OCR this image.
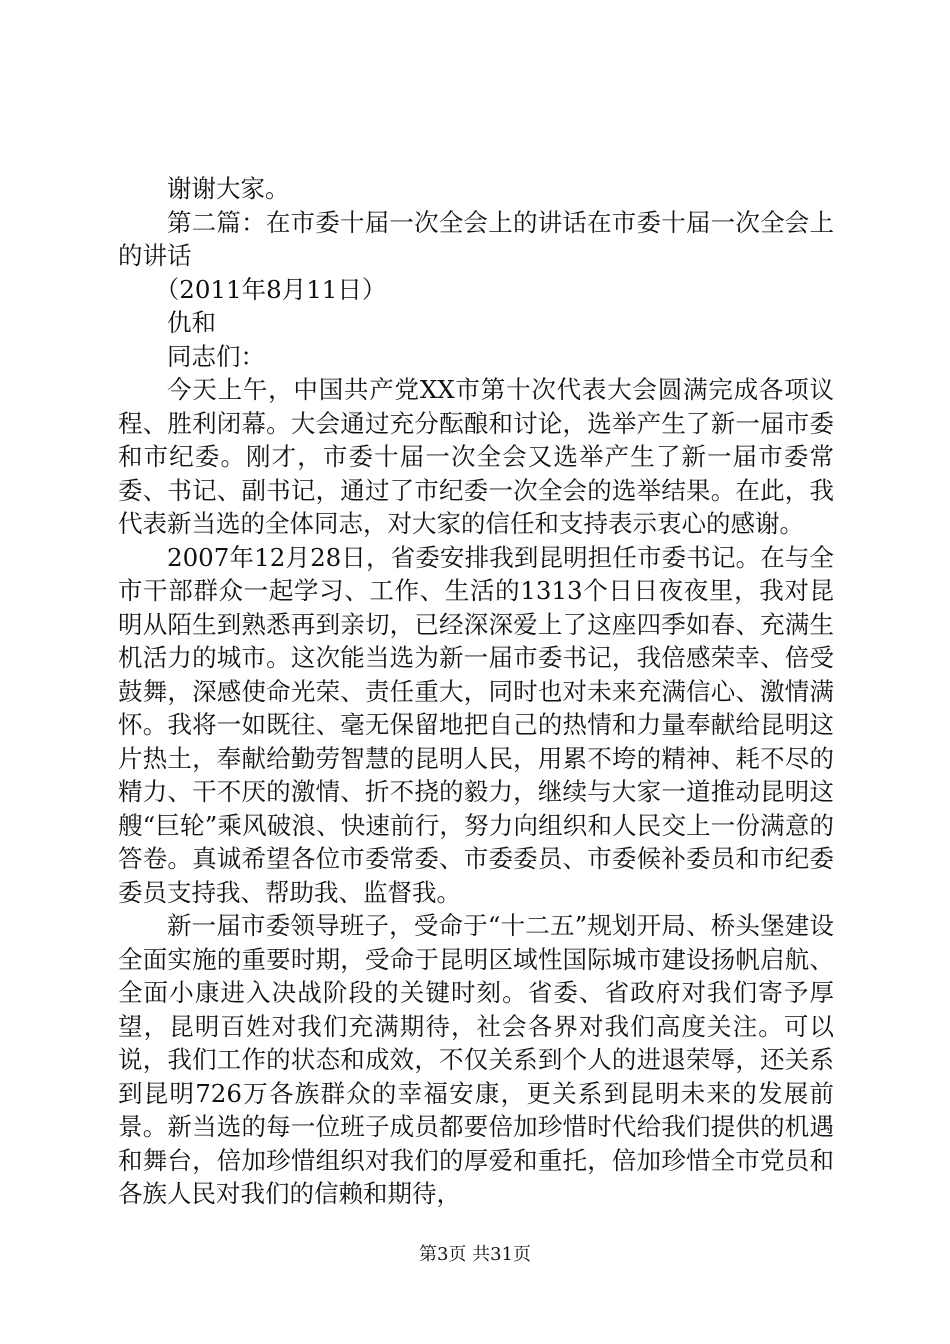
谢谢大家。

第二篇：在市委十届一次全会上的讲话在市委十届一次全会上的讲话

（2011年8月11日）

仇和

同志们：

今天上午，中国共产党XX市第十次代表大会圆满完成各项议程、胜利闭幕。大会通过充分酝酿和讨论，选举产生了新一届市委和市纪委。刚才，市委十届一次全会又选举产生了新一届市委常委、书记、副书记，通过了市纪委一次全会的选举结果。在此，我代表新当选的全体同志，对大家的信任和支持表示衷心的感谢。

2007年12月28日，省委安排我到昆明担任市委书记。在与全市干部群众一起学习、工作、生活的1313个日日夜夜里，我对昆明从陌生到熟悉再到亲切，已经深深爱上了这座四季如春、充满生机活力的城市。这次能当选为新一届市委书记，我倍感荣幸、倍受鼓舞，深感使命光荣、责任重大，同时也对未来充满信心、激情满怀。我将一如既往、毫无保留地把自己的热情和力量奉献给昆明这片热土，奉献给勤劳智慧的昆明人民，用累不垮的精神、耗不尽的精力、干不厌的激情、折不挠的毅力，继续与大家一道推动昆明这艘“巨轮”乘风破浪、快速前行，努力向组织和人民交上一份满意的答卷。真诚希望各位市委常委、市委委员、市委候补委员和市纪委委员支持我、帮助我、监督我。

新一届市委领导班子，受命于“十二五”规划开局、桥头堡建设全面实施的重要时期，受命于昆明区域性国际城市建设扬帆启航、全面小康进入决战阶段的关键时刻。省委、省政府对我们寄予厚望，昆明百姓对我们充满期待，社会各界对我们高度关注。可以说，我们工作的状态和成效，不仅关系到个人的进退荣辱，还关系到昆明726万各族群众的幸福安康，更关系到昆明未来的发展前景。新当选的每一位班子成员都要倍加珍惜时代给我们提供的机遇和舞台，倍加珍惜组织对我们的厚爱和重托，倍加珍惜全市党员和各族人民对我们的信赖和期待，

第3页 共31页
